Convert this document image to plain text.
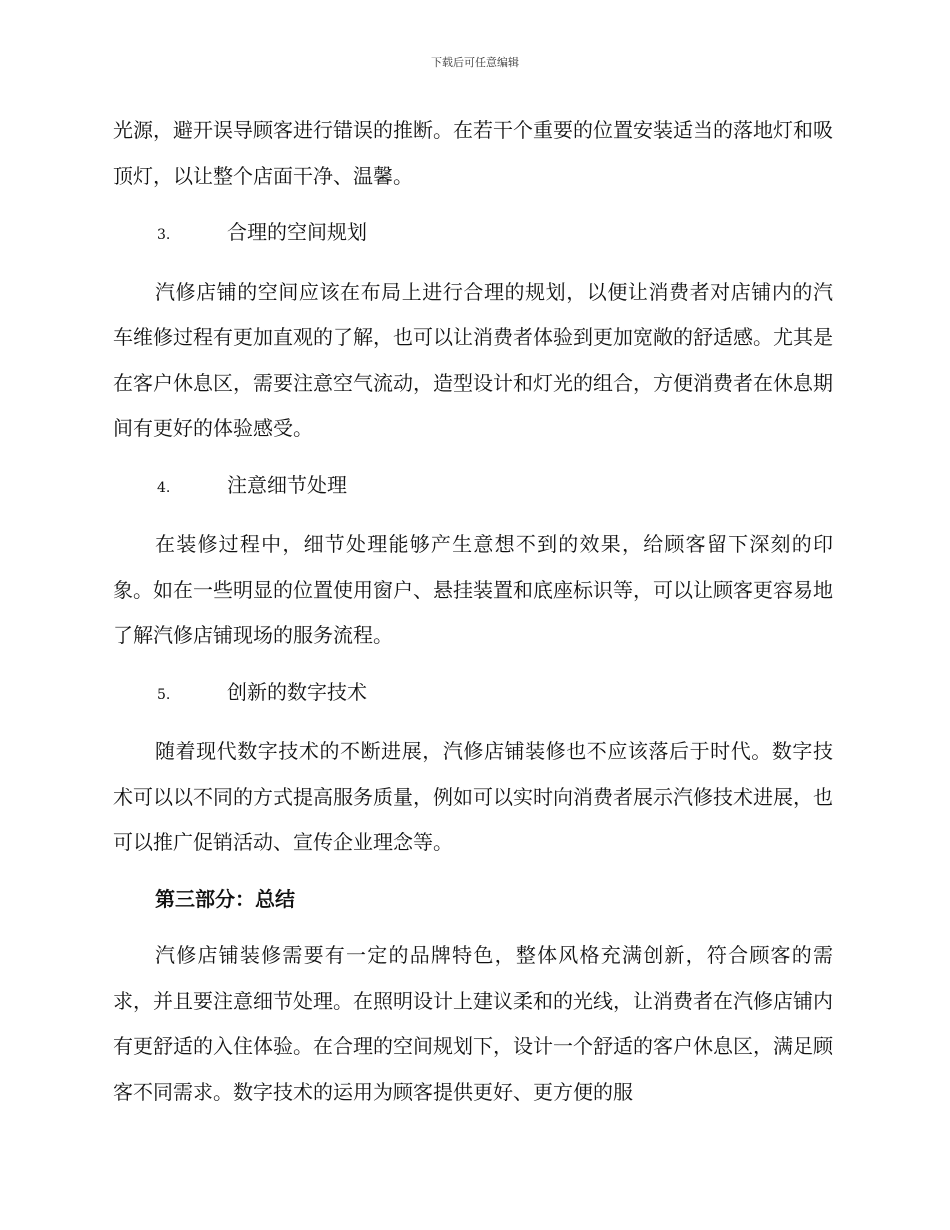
下载后可任意编辑

光源，避开误导顾客进行错误的推断。在若干个重要的位置安装适当的落地灯和吸顶灯，以让整个店面干净、温馨。

3.	合理的空间规划

汽修店铺的空间应该在布局上进行合理的规划，以便让消费者对店铺内的汽车维修过程有更加直观的了解，也可以让消费者体验到更加宽敞的舒适感。尤其是在客户休息区，需要注意空气流动，造型设计和灯光的组合，方便消费者在休息期间有更好的体验感受。

4.	注意细节处理

在装修过程中，细节处理能够产生意想不到的效果，给顾客留下深刻的印象。如在一些明显的位置使用窗户、悬挂装置和底座标识等，可以让顾客更容易地了解汽修店铺现场的服务流程。

5.	创新的数字技术

随着现代数字技术的不断进展，汽修店铺装修也不应该落后于时代。数字技术可以以不同的方式提高服务质量，例如可以实时向消费者展示汽修技术进展，也可以推广促销活动、宣传企业理念等。

第三部分：总结

汽修店铺装修需要有一定的品牌特色，整体风格充满创新，符合顾客的需求，并且要注意细节处理。在照明设计上建议柔和的光线，让消费者在汽修店铺内有更舒适的入住体验。在合理的空间规划下，设计一个舒适的客户休息区，满足顾客不同需求。数字技术的运用为顾客提供更好、更方便的服
